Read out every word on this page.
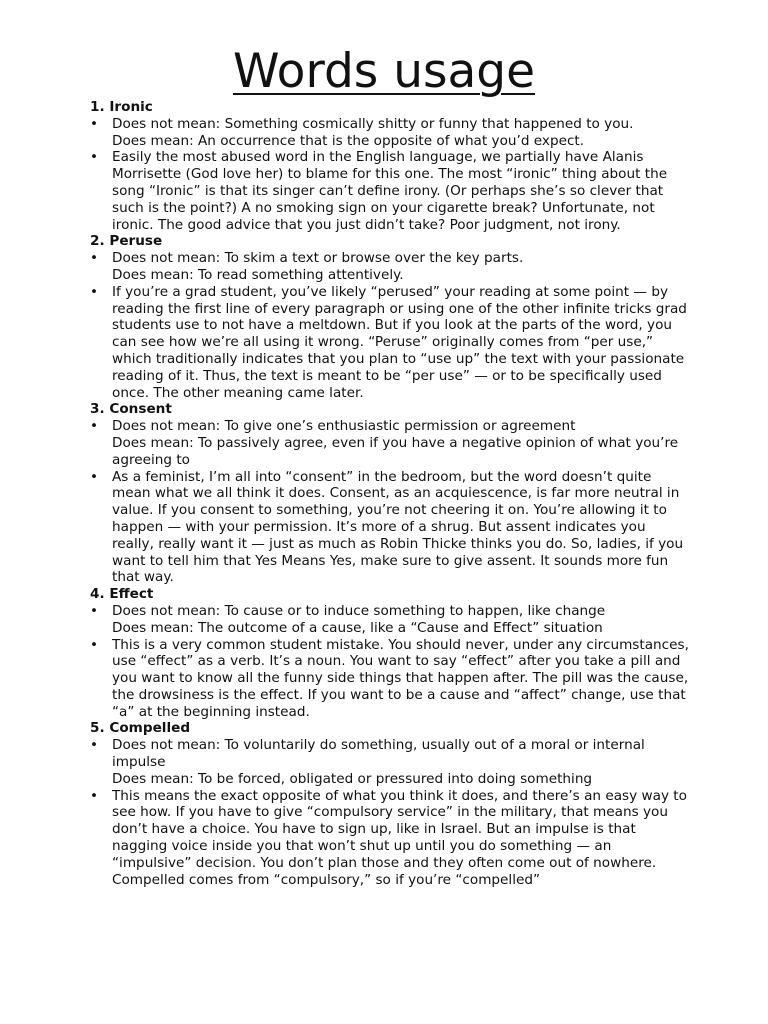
Words usage

1. Ironic

• Does not mean: Something cosmically shitty or funny that happened to you.

Does mean: An occurrence that is the opposite of what you’d expect.

• Easily the most abused word in the English language, we partially have Alanis Morrisette (God love her) to blame for this one. The most “ironic” thing about the song “Ironic” is that its singer can’t define irony. (Or perhaps she’s so clever that such is the point?) A no smoking sign on your cigarette break? Unfortunate, not ironic. The good advice that you just didn’t take? Poor judgment, not irony.

2. Peruse

• Does not mean: To skim a text or browse over the key parts.

Does mean: To read something attentively.

• If you’re a grad student, you’ve likely “perused” your reading at some point — by reading the first line of every paragraph or using one of the other infinite tricks grad students use to not have a meltdown. But if you look at the parts of the word, you can see how we’re all using it wrong. “Peruse” originally comes from “per use,” which traditionally indicates that you plan to “use up” the text with your passionate reading of it. Thus, the text is meant to be “per use” — or to be specifically used once. The other meaning came later.

3. Consent

• Does not mean: To give one’s enthusiastic permission or agreement

Does mean: To passively agree, even if you have a negative opinion of what you’re agreeing to

• As a feminist, I’m all into “consent” in the bedroom, but the word doesn’t quite mean what we all think it does. Consent, as an acquiescence, is far more neutral in value. If you consent to something, you’re not cheering it on. You’re allowing it to happen — with your permission. It’s more of a shrug. But assent indicates you really, really want it — just as much as Robin Thicke thinks you do. So, ladies, if you want to tell him that Yes Means Yes, make sure to give assent. It sounds more fun that way.

4. Effect

• Does not mean: To cause or to induce something to happen, like change

Does mean: The outcome of a cause, like a “Cause and Effect” situation

• This is a very common student mistake. You should never, under any circumstances, use “effect” as a verb. It’s a noun. You want to say “effect” after you take a pill and you want to know all the funny side things that happen after. The pill was the cause, the drowsiness is the effect. If you want to be a cause and “affect” change, use that “a” at the beginning instead.

5. Compelled

• Does not mean: To voluntarily do something, usually out of a moral or internal impulse

Does mean: To be forced, obligated or pressured into doing something

• This means the exact opposite of what you think it does, and there’s an easy way to see how. If you have to give “compulsory service” in the military, that means you don’t have a choice. You have to sign up, like in Israel. But an impulse is that nagging voice inside you that won’t shut up until you do something — an “impulsive” decision. You don’t plan those and they often come out of nowhere. Compelled comes from “compulsory,” so if you’re “compelled”
